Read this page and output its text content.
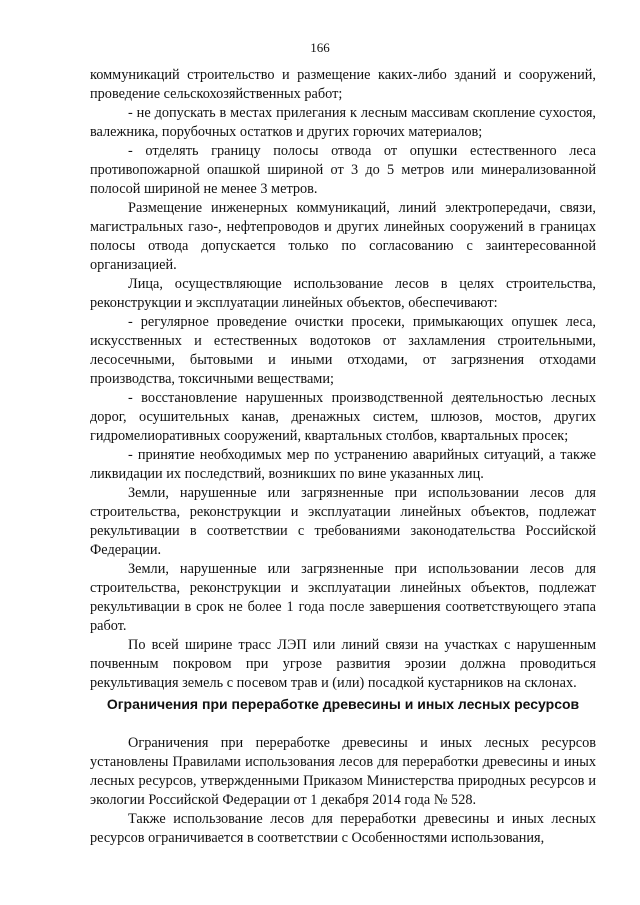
166

коммуникаций строительство и размещение каких-либо зданий и сооружений, проведение сельскохозяйственных работ;

- не допускать в местах прилегания к лесным массивам скопление сухостоя, валежника, порубочных остатков и других горючих материалов;

- отделять границу полосы отвода от опушки естественного леса противопожарной опашкой шириной от 3 до 5 метров или минерализованной полосой шириной не менее 3 метров.

Размещение инженерных коммуникаций, линий электропередачи, связи, магистральных газо-, нефтепроводов и других линейных сооружений в границах полосы отвода допускается только по согласованию с заинтересованной организацией.

Лица, осуществляющие использование лесов в целях строительства, реконструкции и эксплуатации линейных объектов, обеспечивают:

- регулярное проведение очистки просеки, примыкающих опушек леса, искусственных и естественных водотоков от захламления строительными, лесосечными, бытовыми и иными отходами, от загрязнения отходами производства, токсичными веществами;

- восстановление нарушенных производственной деятельностью лесных дорог, осушительных канав, дренажных систем, шлюзов, мостов, других гидромелиоративных сооружений, квартальных столбов, квартальных просек;

- принятие необходимых мер по устранению аварийных ситуаций, а также ликвидации их последствий, возникших по вине указанных лиц.

Земли, нарушенные или загрязненные при использовании лесов для строительства, реконструкции и эксплуатации линейных объектов, подлежат рекультивации в соответствии с требованиями законодательства Российской Федерации.

Земли, нарушенные или загрязненные при использовании лесов для строительства, реконструкции и эксплуатации линейных объектов, подлежат рекультивации в срок не более 1 года после завершения соответствующего этапа работ.

По всей ширине трасс ЛЭП или линий связи на участках с нарушенным почвенным покровом при угрозе развития эрозии должна проводиться рекультивация земель с посевом трав и (или) посадкой кустарников на склонах.

Ограничения при переработке древесины и иных лесных ресурсов

Ограничения при переработке древесины и иных лесных ресурсов установлены Правилами использования лесов для переработки древесины и иных лесных ресурсов, утвержденными Приказом Министерства природных ресурсов и экологии Российской Федерации от 1 декабря 2014 года № 528.

Также использование лесов для переработки древесины и иных лесных ресурсов ограничивается в соответствии с Особенностями использования,
